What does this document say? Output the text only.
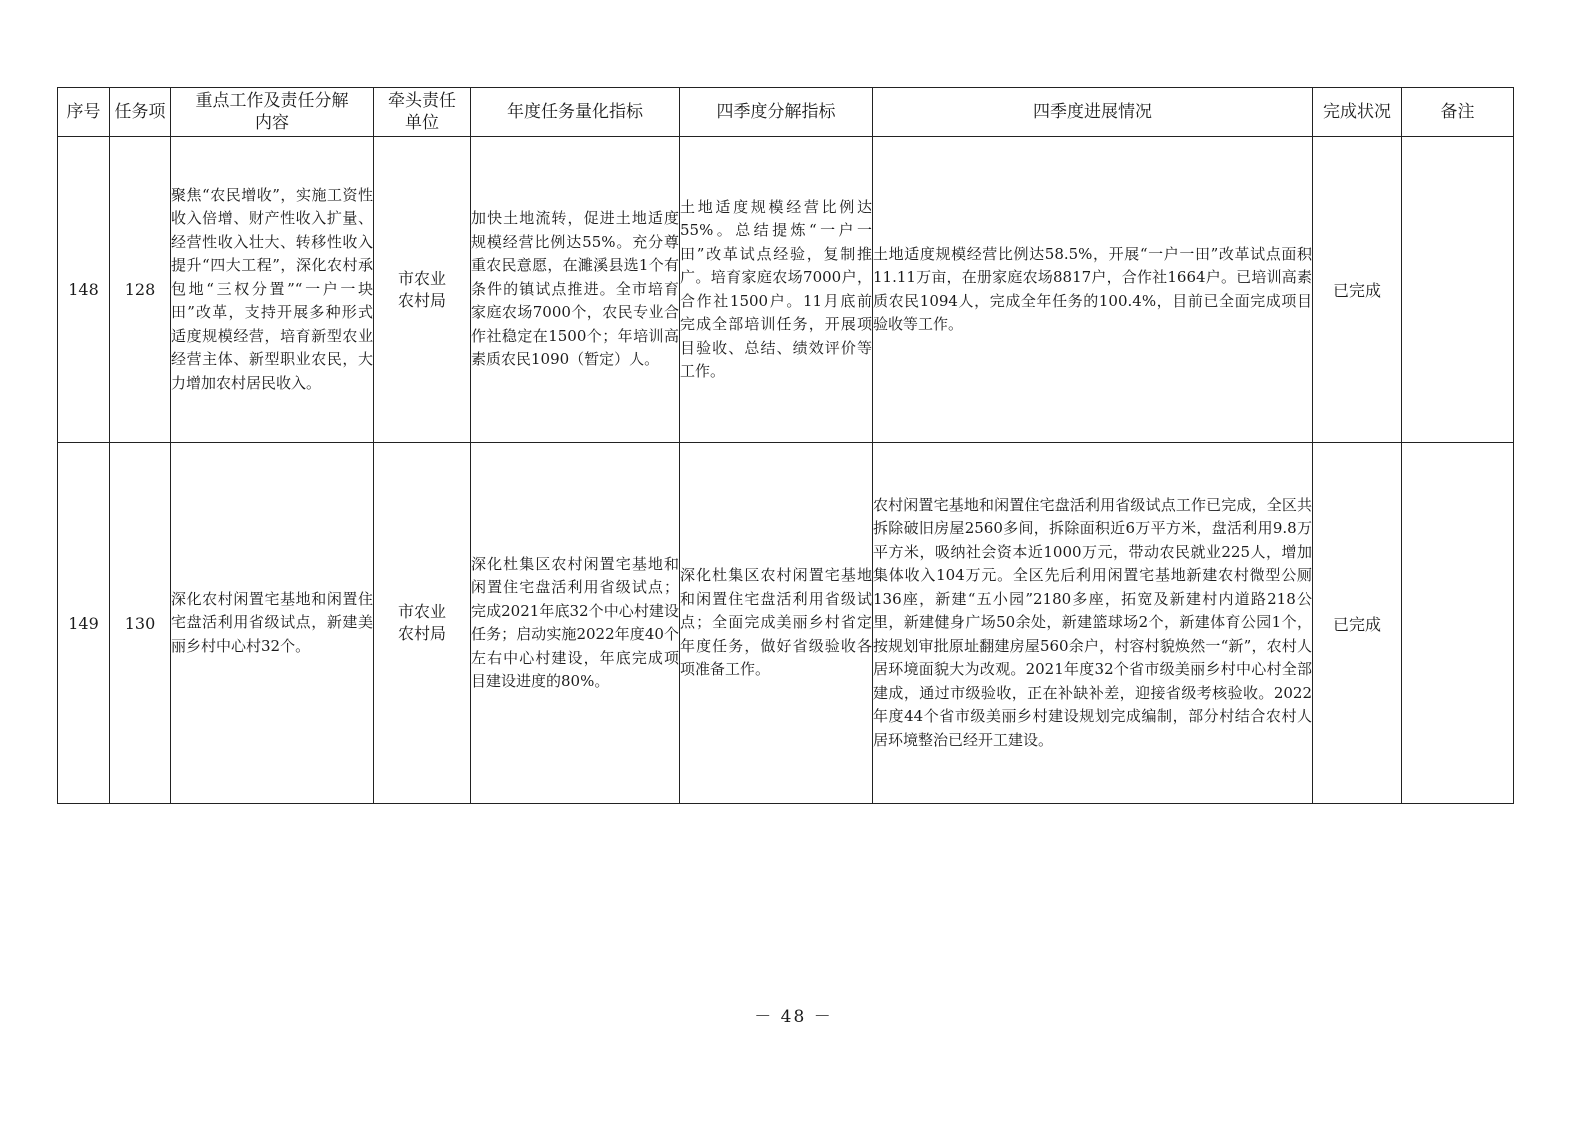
序号	任务项	重点工作及责任分解内容	牵头责任单位	年度任务量化指标	四季度分解指标	四季度进展情况	完成状况	备注
148	128	聚焦“农民增收”，实施工资性收入倍增、财产性收入扩量、经营性收入壮大、转移性收入提升“四大工程”，深化农村承包地“三权分置”“一户一块田”改革，支持开展多种形式适度规模经营，培育新型农业经营主体、新型职业农民，大力增加农村居民收入。	市农业农村局	加快土地流转，促进土地适度规模经营比例达55%。充分尊重农民意愿，在濉溪县选1个有条件的镇试点推进。全市培育家庭农场7000个，农民专业合作社稳定在1500个；年培训高素质农民1090（暂定）人。	土地适度规模经营比例达55%。总结提炼“一户一田”改革试点经验，复制推广。培育家庭农场7000户，合作社1500户。11月底前完成全部培训任务，开展项目验收、总结、绩效评价等工作。	土地适度规模经营比例达58.5%，开展“一户一田”改革试点面积11.11万亩，在册家庭农场8817户，合作社1664户。已培训高素质农民1094人，完成全年任务的100.4%，目前已全面完成项目验收等工作。	已完成	
149	130	深化农村闲置宅基地和闲置住宅盘活利用省级试点，新建美丽乡村中心村32个。	市农业农村局	深化杜集区农村闲置宅基地和闲置住宅盘活利用省级试点；完成2021年底32个中心村建设任务；启动实施2022年度40个左右中心村建设，年底完成项目建设进度的80%。	深化杜集区农村闲置宅基地和闲置住宅盘活利用省级试点；全面完成美丽乡村省定年度任务，做好省级验收各项准备工作。	农村闲置宅基地和闲置住宅盘活利用省级试点工作已完成，全区共拆除破旧房屋2560多间，拆除面积近6万平方米，盘活利用9.8万平方米，吸纳社会资本近1000万元，带动农民就业225人，增加集体收入104万元。全区先后利用闲置宅基地新建农村微型公厕136座，新建“五小园”2180多座，拓宽及新建村内道路218公里，新建健身广场50余处，新建篮球场2个，新建体育公园1个，按规划审批原址翻建房屋560余户，村容村貌焕然一“新”，农村人居环境面貌大为改观。2021年度32个省市级美丽乡村中心村全部建成，通过市级验收，正在补缺补差，迎接省级考核验收。2022年度44个省市级美丽乡村建设规划完成编制，部分村结合农村人居环境整治已经开工建设。	已完成	
－ 48 －
